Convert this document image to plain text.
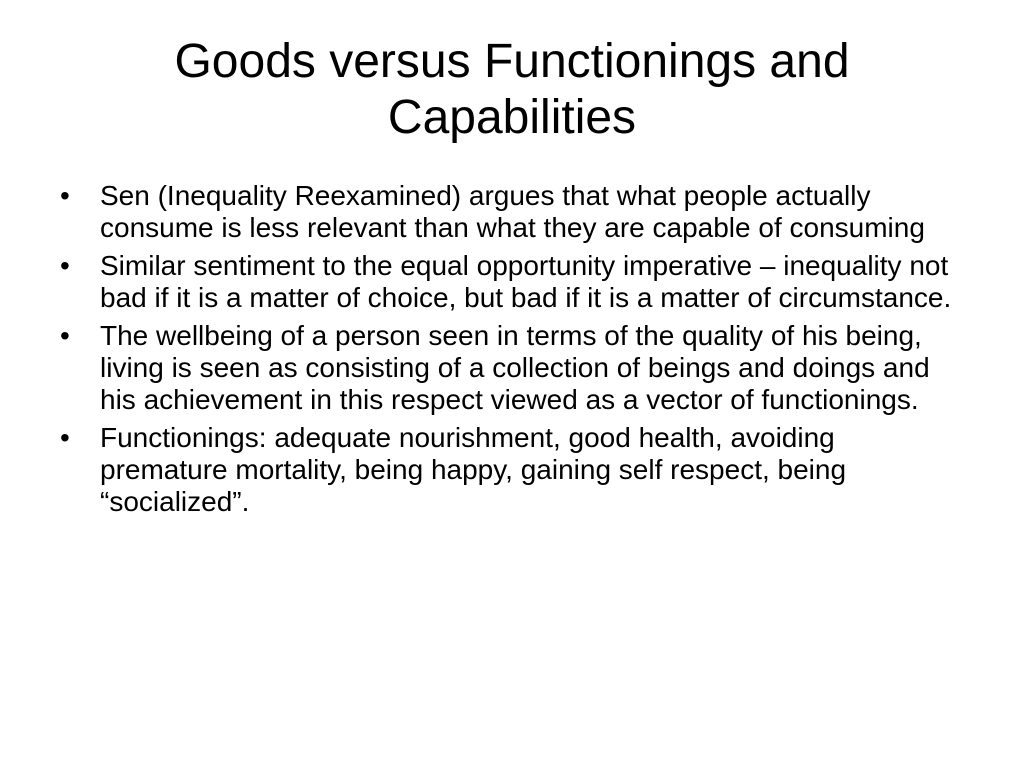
Goods versus Functionings and Capabilities
•	Sen (Inequality Reexamined) argues that what people actually consume is less relevant than what they are capable of consuming
•	Similar sentiment to the equal opportunity imperative – inequality not bad if it is a matter of choice, but bad if it is a matter of circumstance.
•	The wellbeing of a person seen in terms of the quality of his being, living is seen as consisting of a collection of beings and doings and his achievement in this respect viewed as a vector of functionings.
•	Functionings: adequate nourishment, good health, avoiding premature mortality, being happy, gaining self respect, being “socialized”.
